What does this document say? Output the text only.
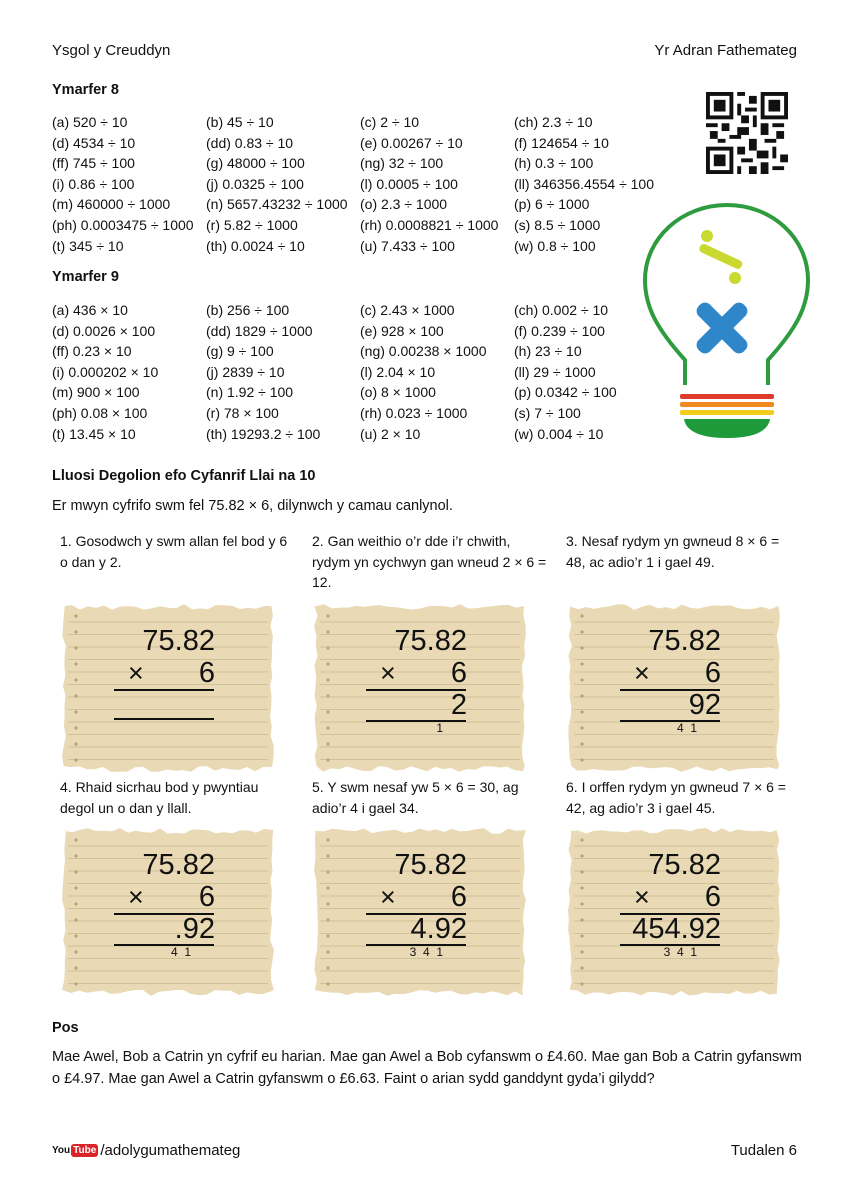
Ysgol y Creuddyn	Yr Adran Fathemateg
Ymarfer 8
(a) 520 ÷ 10	(b) 45 ÷ 10	(c) 2 ÷ 10	(ch) 2.3 ÷ 10
(d) 4534 ÷ 10	(dd) 0.83 ÷ 10	(e) 0.00267 ÷ 10	(f) 124654 ÷ 10
(ff) 745 ÷ 100	(g) 48000 ÷ 100	(ng) 32 ÷ 100	(h) 0.3 ÷ 100
(i) 0.86 ÷ 100	(j) 0.0325 ÷ 100	(l) 0.0005 ÷ 100	(ll) 346356.4554 ÷ 100
(m) 460000 ÷ 1000	(n) 5657.43232 ÷ 1000 (o) 2.3 ÷ 1000	(p) 6 ÷ 1000
(ph) 0.0003475 ÷ 1000 (r) 5.82 ÷ 1000	(rh) 0.0008821 ÷ 1000	(s) 8.5 ÷ 1000
(t) 345 ÷ 10	(th) 0.0024 ÷ 10	(u) 7.433 ÷ 100	(w) 0.8 ÷ 100
Ymarfer 9
(a) 436 × 10	(b) 256 ÷ 100	(c) 2.43 × 1000	(ch) 0.002 ÷ 10
(d) 0.0026 × 100	(dd) 1829 ÷ 1000	(e) 928 × 100	(f) 0.239 ÷ 100
(ff) 0.23 × 10	(g) 9 ÷ 100	(ng) 0.00238 × 1000	(h) 23 ÷ 10
(i) 0.000202 × 10	(j) 2839 ÷ 10	(l) 2.04 × 10	(ll) 29 ÷ 1000
(m) 900 × 100	(n) 1.92 ÷ 100	(o) 8 × 1000	(p) 0.0342 ÷ 100
(ph) 0.08 × 100	(r) 78 × 100	(rh) 0.023 ÷ 1000	(s) 7 ÷ 100
(t) 13.45 × 10	(th) 19293.2 ÷ 100	(u) 2 × 10	(w) 0.004 ÷ 10
Lluosi Degolion efo Cyfanrif Llai na 10
Er mwyn cyfrifo swm fel 75.82 × 6, dilynwch y camau canlynol.
1. Gosodwch y swm allan fel bod y 6 o dan y 2.
75.82
× 6
2. Gan weithio o’r dde i’r chwith, rydym yn cychwyn gan wneud 2 × 6 = 12.
75.82
× 6
2
1
3. Nesaf rydym yn gwneud 8 × 6 = 48, ac adio’r 1 i gael 49.
75.82
× 6
92
4  1
4. Rhaid sicrhau bod y pwyntiau degol un o dan y llall.
75.82
× 6
.92
4  1
5. Y swm nesaf yw 5 × 6 = 30, ag adio’r 4 i gael 34.
75.82
× 6
4.92
3  4  1
6. I orffen rydym yn gwneud 7 × 6 = 42, ag adio’r 3 i gael 45.
75.82
× 6
454.92
3  4  1
Pos
Mae Awel, Bob a Catrin yn cyfrif eu harian. Mae gan Awel a Bob cyfanswm o £4.60. Mae gan Bob a Catrin gyfanswm o £4.97. Mae gan Awel a Catrin gyfanswm o £6.63. Faint o arian sydd ganddynt gyda’i gilydd?
You Tube /adolygumathemateg	Tudalen 6
